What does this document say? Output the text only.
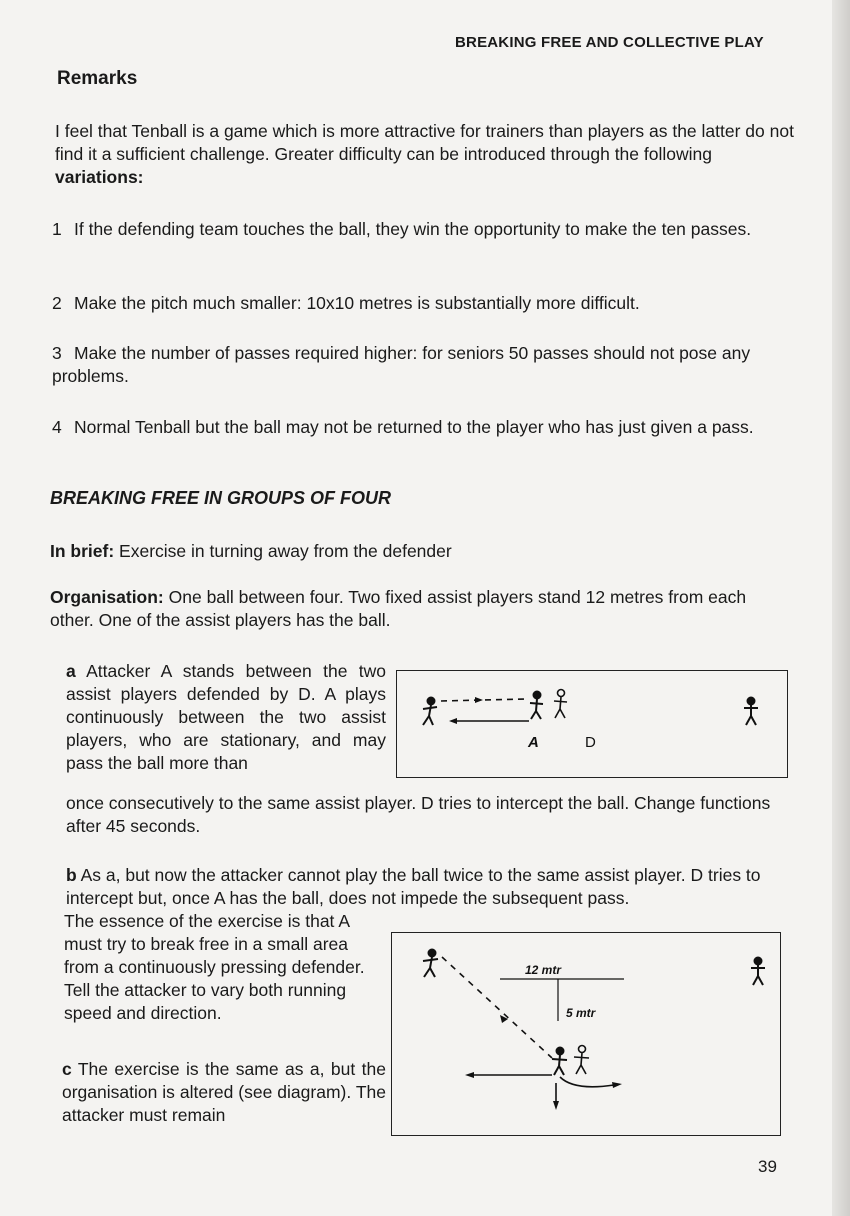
BREAKING FREE AND COLLECTIVE PLAY
Remarks
I feel that Tenball is a game which is more attractive for trainers than players as the latter do not find it a sufficient challenge. Greater difficulty can be introduced through the following variations:
1 If the defending team touches the ball, they win the opportunity to make the ten passes.
2 Make the pitch much smaller: 10x10 metres is substantially more difficult.
3 Make the number of passes required higher: for seniors 50 passes should not pose any problems.
4 Normal Tenball but the ball may not be returned to the player who has just given a pass.
BREAKING FREE IN GROUPS OF FOUR
In brief: Exercise in turning away from the defender
Organisation: One ball between four. Two fixed assist players stand 12 metres from each other. One of the assist players has the ball.
a Attacker A stands between the two assist players defended by D. A plays continuously between the two assist players, who are stationary, and may pass the ball more than
once consecutively to the same assist player. D tries to intercept the ball. Change functions after 45 seconds.
b As a, but now the attacker cannot play the ball twice to the same assist player. D tries to intercept but, once A has the ball, does not impede the subsequent pass.
The essence of the exercise is that A must try to break free in a small area from a continuously pressing defender. Tell the attacker to vary both running speed and direction.
c The exercise is the same as a, but the organisation is altered (see diagram). The attacker must remain
A	D
12 mtr
5 mtr
39
